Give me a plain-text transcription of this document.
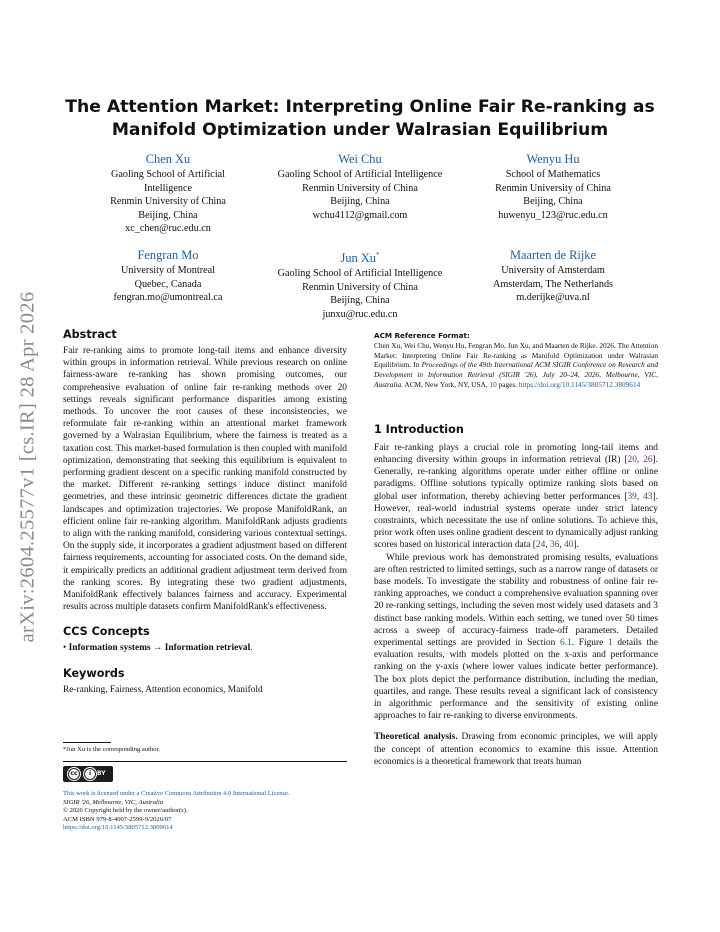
arXiv:2604.25577v1 [cs.IR] 28 Apr 2026
The Attention Market: Interpreting Online Fair Re-ranking as
Manifold Optimization under Walrasian Equilibrium
Chen Xu
Gaoling School of Artificial
Intelligence
Renmin University of China
Beijing, China
xc_chen@ruc.edu.cn
Wei Chu
Gaoling School of Artificial Intelligence
Renmin University of China
Beijing, China
wchu4112@gmail.com
Wenyu Hu
School of Mathematics
Renmin University of China
Beijing, China
huwenyu_123@ruc.edu.cn
Fengran Mo
University of Montreal
Quebec, Canada
fengran.mo@umontreal.ca
Jun Xu*
Gaoling School of Artificial Intelligence
Renmin University of China
Beijing, China
junxu@ruc.edu.cn
Maarten de Rijke
University of Amsterdam
Amsterdam, The Netherlands
m.derijke@uva.nl
Abstract

Fair re-ranking aims to promote long-tail items and enhance diversity within groups in information retrieval. While previous research on online fairness-aware re-ranking has shown promising outcomes, our comprehensive evaluation of online fair re-ranking methods over 20 settings reveals significant performance disparities among existing methods. To uncover the root causes of these inconsistencies, we reformulate fair re-ranking within an attentional market framework governed by a Walrasian Equilibrium, where the fairness is treated as a taxation cost. This market-based formulation is then coupled with manifold optimization, demonstrating that seeking this equilibrium is equivalent to performing gradient descent on a specific ranking manifold constructed by the market. Different re-ranking settings induce distinct manifold geometries, and these intrinsic geometric differences dictate the gradient landscapes and optimization trajectories. We propose ManifoldRank, an efficient online fair re-ranking algorithm. ManifoldRank adjusts gradients to align with the ranking manifold, considering various contextual settings. On the supply side, it incorporates a gradient adjustment based on different fairness requirements, accounting for associated costs. On the demand side, it empirically predicts an additional gradient adjustment term derived from the ranking scores. By integrating these two gradient adjustments, ManifoldRank effectively balances fairness and accuracy. Experimental results across multiple datasets confirm ManifoldRank's effectiveness.

CCS Concepts

• Information systems → Information retrieval.

Keywords

Re-ranking, Fairness, Attention economics, Manifold

*Jun Xu is the corresponding author.
cc	i BY
This work is licensed under a Creative Commons Attribution 4.0 International License.
SIGIR '26, Melbourne, VIC, Australia
© 2026 Copyright held by the owner/author(s).
ACM ISBN 979-8-4007-2599-9/2026/07
https://doi.org/10.1145/3805712.3809614
ACM Reference Format:
Chen Xu, Wei Chu, Wenyu Hu, Fengran Mo, Jun Xu, and Maarten de Rijke. 2026. The Attention Market: Interpreting Online Fair Re-ranking as Manifold Optimization under Walrasian Equilibrium. In Proceedings of the 49th International ACM SIGIR Conference on Research and Development in Information Retrieval (SIGIR '26), July 20–24, 2026, Melbourne, VIC, Australia. ACM, New York, NY, USA, 10 pages. https://doi.org/10.1145/3805712.3809614
1 Introduction

Fair re-ranking plays a crucial role in promoting long-tail items and enhancing diversity within groups in information retrieval (IR) [20, 26]. Generally, re-ranking algorithms operate under either offline or online paradigms. Offline solutions typically optimize ranking slots based on global user information, thereby achieving better performances [39, 43]. However, real-world industrial systems operate under strict latency constraints, which necessitate the use of online solutions. To achieve this, prior work often uses online gradient descent to dynamically adjust ranking scores based on historical interaction data [24, 36, 40].

While previous work has demonstrated promising results, evaluations are often restricted to limited settings, such as a narrow range of datasets or base models. To investigate the stability and robustness of online fair re-ranking approaches, we conduct a comprehensive evaluation spanning over 20 re-ranking settings, including the seven most widely used datasets and 3 distinct base ranking models. Within each setting, we tuned over 50 times across a sweep of accuracy-fairness trade-off parameters. Detailed experimental settings are provided in Section 6.1. Figure 1 details the evaluation results, with models plotted on the x-axis and performance ranking on the y-axis (where lower values indicate better performance). The box plots depict the performance distribution, including the median, quartiles, and range. These results reveal a significant lack of consistency in algorithmic performance and the sensitivity of existing online approaches to fair re-ranking to diverse environments.

Theoretical analysis. Drawing from economic principles, we will apply the concept of attention economics to examine this issue. Attention economics is a theoretical framework that treats human
